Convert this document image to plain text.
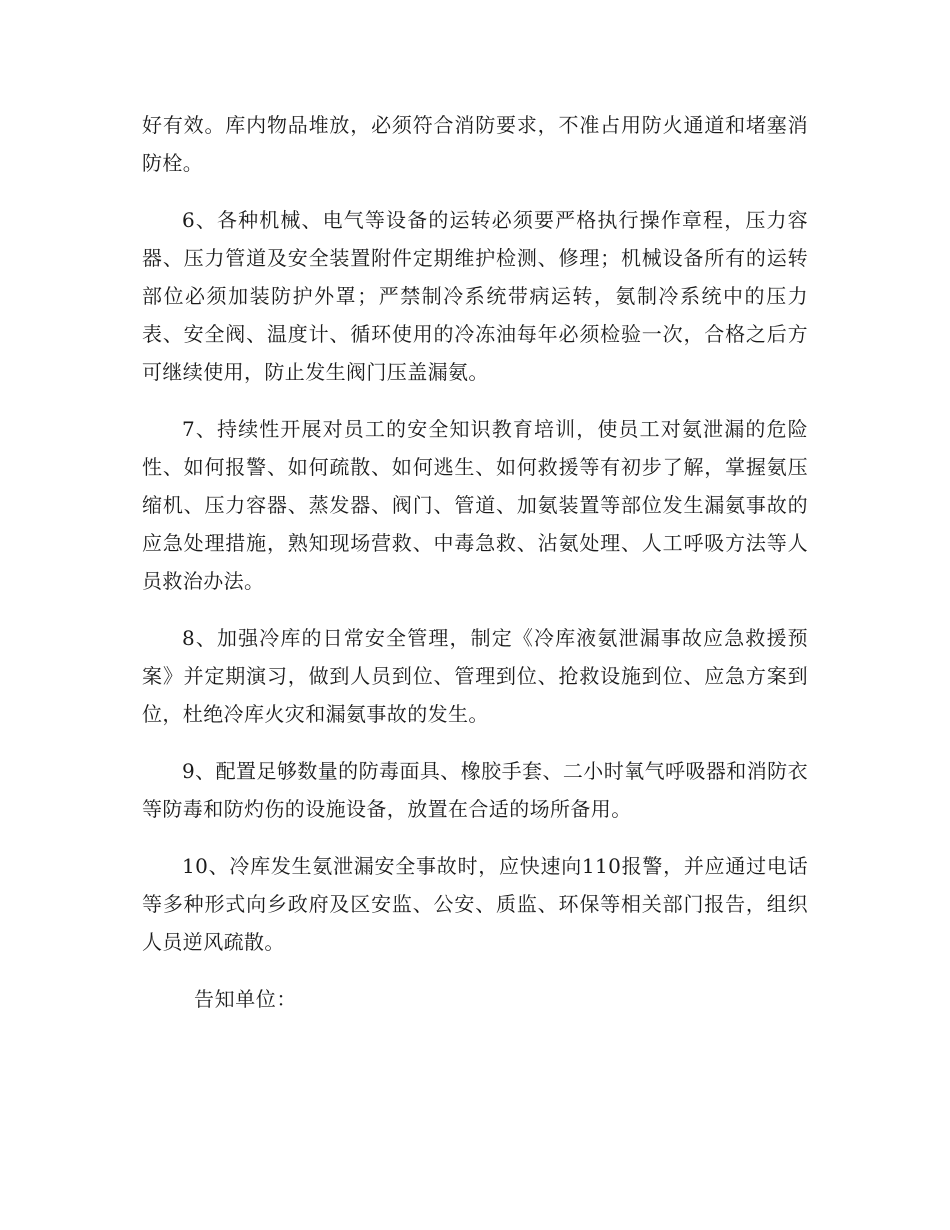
好有效。库内物品堆放，必须符合消防要求，不准占用防火通道和堵塞消防栓。

6、各种机械、电气等设备的运转必须要严格执行操作章程，压力容器、压力管道及安全装置附件定期维护检测、修理；机械设备所有的运转部位必须加装防护外罩；严禁制冷系统带病运转，氨制冷系统中的压力表、安全阀、温度计、循环使用的冷冻油每年必须检验一次，合格之后方可继续使用，防止发生阀门压盖漏氨。

7、持续性开展对员工的安全知识教育培训，使员工对氨泄漏的危险性、如何报警、如何疏散、如何逃生、如何救援等有初步了解，掌握氨压缩机、压力容器、蒸发器、阀门、管道、加氨装置等部位发生漏氨事故的应急处理措施，熟知现场营救、中毒急救、沾氨处理、人工呼吸方法等人员救治办法。

8、加强冷库的日常安全管理，制定《冷库液氨泄漏事故应急救援预案》并定期演习，做到人员到位、管理到位、抢救设施到位、应急方案到位，杜绝冷库火灾和漏氨事故的发生。

9、配置足够数量的防毒面具、橡胶手套、二小时氧气呼吸器和消防衣等防毒和防灼伤的设施设备，放置在合适的场所备用。

10、冷库发生氨泄漏安全事故时，应快速向110报警，并应通过电话等多种形式向乡政府及区安监、公安、质监、环保等相关部门报告，组织人员逆风疏散。

告知单位：
